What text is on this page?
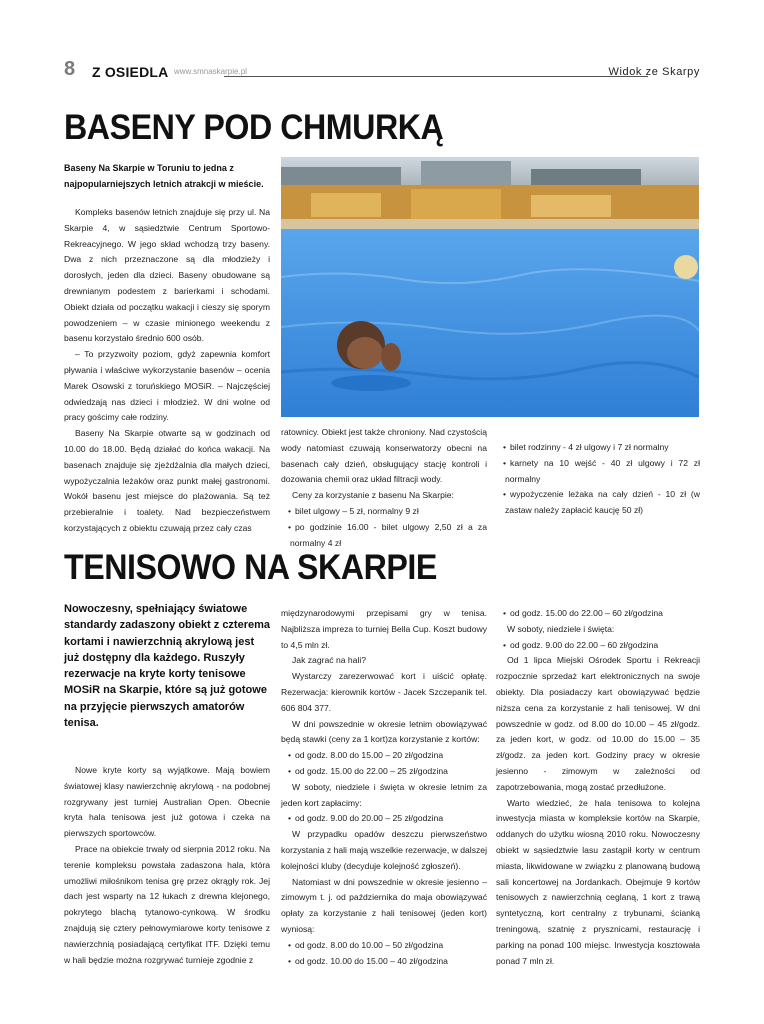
8 Z OSIEDLA www.smnaskarpie.pl	Widok ze Skarpy
BASENY POD CHMURKĄ
Baseny Na Skarpie w Toruniu to jedna z najpopularniejszych letnich atrakcji w mieście.

Kompleks basenów letnich znajduje się przy ul. Na Skarpie 4, w sąsiedztwie Centrum Sportowo-Rekreacyjnego. W jego skład wchodzą trzy baseny. Dwa z nich przeznaczone są dla młodzieży i dorosłych, jeden dla dzieci. Baseny obudowane są drewnianym podestem z barierkami i schodami. Obiekt działa od początku wakacji i cieszy się sporym powodzeniem – w czasie minionego weekendu z basenu korzystało średnio 600 osób.

– To przyzwoity poziom, gdyż zapewnia komfort pływania i właściwe wykorzystanie basenów – ocenia Marek Osowski z toruńskiego MOSiR. – Najczęściej odwiedzają nas dzieci i młodzież. W dni wolne od pracy gościmy całe rodziny.

Baseny Na Skarpie otwarte są w godzinach od 10.00 do 18.00. Będą działać do końca wakacji. Na basenach znajduje się zjeżdżalnia dla małych dzieci, wypożyczalnia leżaków oraz punkt małej gastronomi. Wokół basenu jest miejsce do plażowania. Są też przebieralnie i toalety. Nad bezpieczeństwem korzystających z obiektu czuwają przez cały czas

ratownicy. Obiekt jest także chroniony. Nad czystością wody natomiast czuwają konserwatorzy obecni na basenach cały dzień, obsługujący stację kontroli i dozowania chemii oraz układ filtracji wody.

Ceny za korzystanie z basenu Na Skarpie:

• bilet ulgowy – 5 zł, normalny 9 zł

• po godzinie 16.00 - bilet ulgowy 2,50 zł a za normalny 4 zł

• bilet rodzinny - 4 zł ulgowy i 7 zł normalny

• karnety na 10 wejść - 40 zł ulgowy i 72 zł normalny

• wypożyczenie leżaka na cały dzień - 10 zł (w zastaw należy zapłacić kaucję 50 zł)

TENISOWO NA SKARPIE
Nowoczesny, spełniający światowe standardy zadaszony obiekt z czterema kortami i nawierzchnią akrylową jest już dostępny dla każdego. Ruszyły rezerwacje na kryte korty tenisowe MOSiR na Skarpie, które są już gotowe na przyjęcie pierwszych amatorów tenisa.

Nowe kryte korty są wyjątkowe. Mają bowiem światowej klasy nawierzchnię akrylową - na podobnej rozgrywany jest turniej Australian Open. Obecnie kryta hala tenisowa jest już gotowa i czeka na pierwszych sportowców.

Prace na obiekcie trwały od sierpnia 2012 roku. Na terenie kompleksu powstała zadaszona hala, która umożliwi miłośnikom tenisa grę przez okrągły rok. Jej dach jest wsparty na 12 łukach z drewna klejonego, pokrytego blachą tytanowo-cynkową. W środku znajdują się cztery pełnowymiarowe korty tenisowe z nawierzchnią posiadającą certyfikat ITF. Dzięki temu w hali będzie można rozgrywać turnieje zgodnie z

międzynarodowymi przepisami gry w tenisa. Najbliższa impreza to turniej Bella Cup. Koszt budowy to 4,5 mln zł.

Jak zagrać na hali?

Wystarczy zarezerwować kort i uiścić opłatę. Rezerwacja: kierownik kortów - Jacek Szczepanik tel. 606 804 377.

W dni powszednie w okresie letnim obowiązywać będą stawki (ceny za 1 kort)za korzystanie z kortów:

• od godz. 8.00 do 15.00 – 20 zł/godzina

• od godz. 15.00 do 22.00 – 25 zł/godzina

W soboty, niedziele i święta w okresie letnim za jeden kort zapłacimy:

• od godz. 9.00 do 20.00 – 25 zł/godzina

W przypadku opadów deszczu pierwszeństwo korzystania z hali mają wszelkie rezerwacje, w dalszej kolejności kluby (decyduje kolejność zgłoszeń).

Natomiast w dni powszednie w okresie jesienno – zimowym t. j. od października do maja obowiązywać opłaty za korzystanie z hali tenisowej (jeden kort) wyniosą:

• od godz. 8.00 do 10.00 – 50 zł/godzina

• od godz. 10.00 do 15.00 – 40 zł/godzina

• od godz. 15.00 do 22.00 – 60 zł/godzina

W soboty, niedziele i święta:

• od godz. 9.00 do 22.00 – 60 zł/godzina

Od 1 lipca Miejski Ośrodek Sportu i Rekreacji rozpocznie sprzedaż kart elektronicznych na swoje obiekty. Dla posiadaczy kart obowiązywać będzie niższa cena za korzystanie z hali tenisowej. W dni powszednie w godz. od 8.00 do 10.00 – 45 zł/godz. za jeden kort, w godz. od 10.00 do 15.00 – 35 zł/godz. za jeden kort. Godziny pracy w okresie jesienno - zimowym w zależności od zapotrzebowania, mogą zostać przedłużone.

Warto wiedzieć, że hala tenisowa to kolejna inwestycja miasta w kompleksie kortów na Skarpie, oddanych do użytku wiosną 2010 roku. Nowoczesny obiekt w sąsiedztwie lasu zastąpił korty w centrum miasta, likwidowane w związku z planowaną budową sali koncertowej na Jordankach. Obejmuje 9 kortów tenisowych z nawierzchnią ceglaną, 1 kort z trawą syntetyczną, kort centralny z trybunami, ścianką treningową, szatnię z prysznicami, restaurację i parking na ponad 100 miejsc. Inwestycja kosztowała ponad 7 mln zł.
